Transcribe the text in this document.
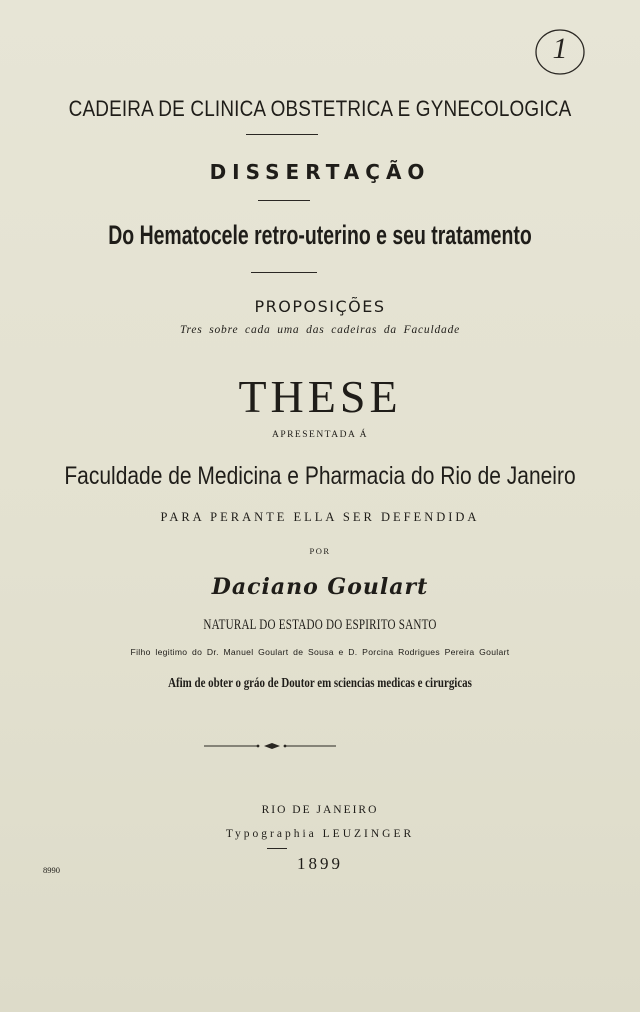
1
CADEIRA DE CLINICA OBSTETRICA E GYNECOLOGICA
DISSERTAÇÃO
Do Hematocele retro-uterino e seu tratamento
PROPOSIÇÕES
Tres sobre cada uma das cadeiras da Faculdade
THESE
APRESENTADA Á
Faculdade de Medicina e Pharmacia do Rio de Janeiro
PARA PERANTE ELLA SER DEFENDIDA
POR
Daciano Goulart
NATURAL DO ESTADO DO ESPIRITO SANTO
Filho legitimo do Dr. Manuel Goulart de Sousa e D. Porcina Rodrigues Pereira Goulart
Afim de obter o gráo de Doutor em sciencias medicas e cirurgicas
RIO DE JANEIRO
Typographia LEUZINGER
1899
8990
